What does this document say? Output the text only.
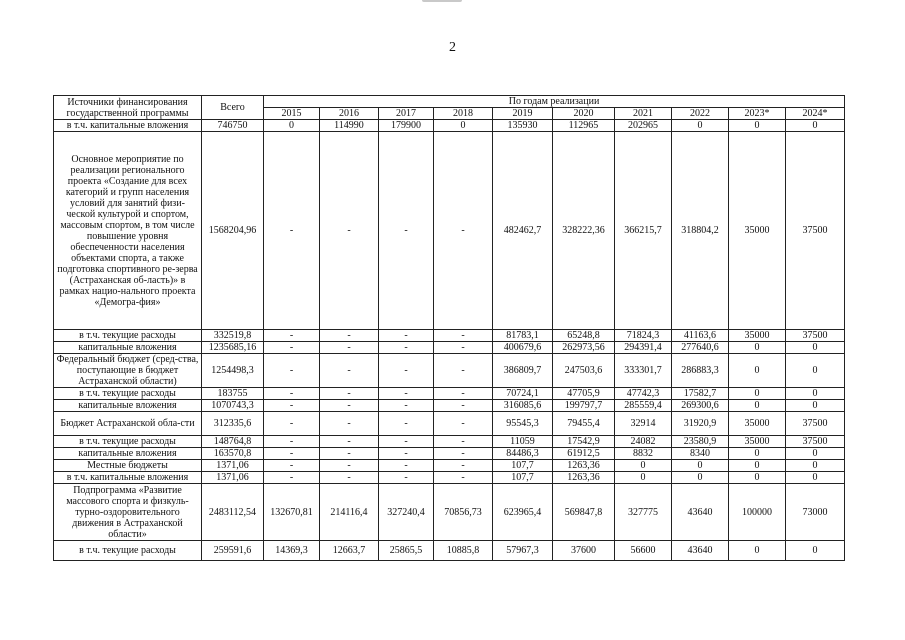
2
Источники финансирования государственной программы	Всего	По годам реализации									
		2015	2016	2017	2018	2019	2020	2021	2022	2023*	2024*
в т.ч. капитальные вложения	746750	0	114990	179900	0	135930	112965	202965	0	0	0
Основное мероприятие по реализации регионального проекта «Создание для всех категорий и групп населения условий для занятий физи-ческой культурой и спортом, массовым спортом, в том числе повышение уровня обеспеченности населения объектами спорта, а также подготовка спортивного ре-зерва (Астраханская об-ласть)» в рамках нацио-нального проекта «Демогра-фия»	1568204,96	-	-	-	-	482462,7	328222,36	366215,7	318804,2	35000	37500
в т.ч. текущие расходы	332519,8	-	-	-	-	81783,1	65248,8	71824,3	41163,6	35000	37500
капитальные вложения	1235685,16	-	-	-	-	400679,6	262973,56	294391,4	277640,6	0	0
Федеральный бюджет (сред-ства, поступающие в бюджет Астраханской области)	1254498,3	-	-	-	-	386809,7	247503,6	333301,7	286883,3	0	0
в т.ч. текущие расходы	183755	-	-	-	-	70724,1	47705,9	47742,3	17582,7	0	0
капитальные вложения	1070743,3	-	-	-	-	316085,6	199797,7	285559,4	269300,6	0	0
Бюджет Астраханской обла-сти	312335,6	-	-	-	-	95545,3	79455,4	32914	31920,9	35000	37500
в т.ч. текущие расходы	148764,8	-	-	-	-	11059	17542,9	24082	23580,9	35000	37500
капитальные вложения	163570,8	-	-	-	-	84486,3	61912,5	8832	8340	0	0
Местные бюджеты	1371,06	-	-	-	-	107,7	1263,36	0	0	0	0
в т.ч. капитальные вложения	1371,06	-	-	-	-	107,7	1263,36	0	0	0	0
Подпрограмма «Развитие массового спорта и физкуль-турно-оздоровительного движения в Астраханской области»	2483112,54	132670,81	214116,4	327240,4	70856,73	623965,4	569847,8	327775	43640	100000	73000
в т.ч. текущие расходы	259591,6	14369,3	12663,7	25865,5	10885,8	57967,3	37600	56600	43640	0	0
